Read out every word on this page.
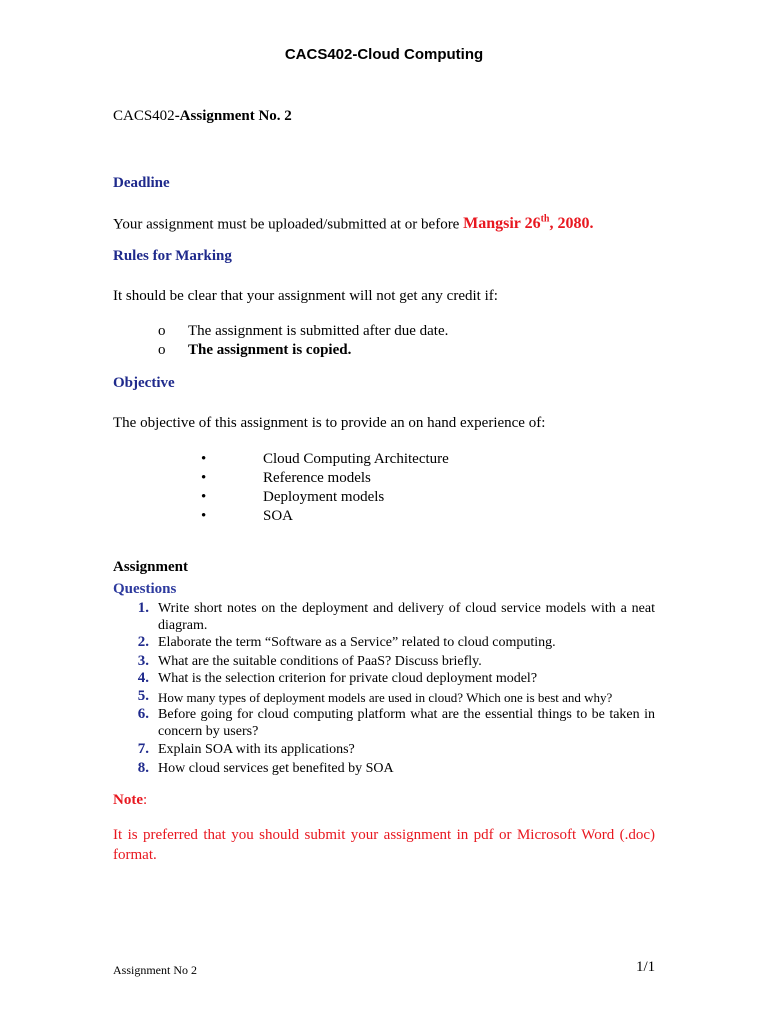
CACS402-Cloud Computing
CACS402-Assignment No. 2
Deadline
Your assignment must be uploaded/submitted at or before Mangsir 26th, 2080.
Rules for Marking
It should be clear that your assignment will not get any credit if:
o The assignment is submitted after due date.
o The assignment is copied.
Objective
The objective of this assignment is to provide an on hand experience of:
•	Cloud Computing Architecture
•	Reference models
•	Deployment models
•	SOA
Assignment
Questions
1. Write short notes on the deployment and delivery of cloud service models with a neat diagram.
2. Elaborate the term “Software as a Service” related to cloud computing.
3. What are the suitable conditions of PaaS? Discuss briefly.
4. What is the selection criterion for private cloud deployment model?
5. How many types of deployment models are used in cloud? Which one is best and why?
6. Before going for cloud computing platform what are the essential things to be taken in concern by users?
7. Explain SOA with its applications?
8. How cloud services get benefited by SOA
Note:
It is preferred that you should submit your assignment in pdf or Microsoft Word (.doc) format.
Assignment No 2	1/1
